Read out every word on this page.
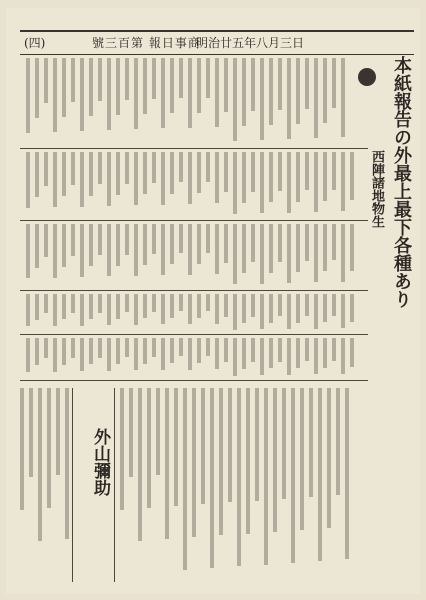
(四)	號三百第 報日事商
明治廿五年八月三日
本紙報告の外最上最下各種あり
西陣諸地物生
外山彌助
